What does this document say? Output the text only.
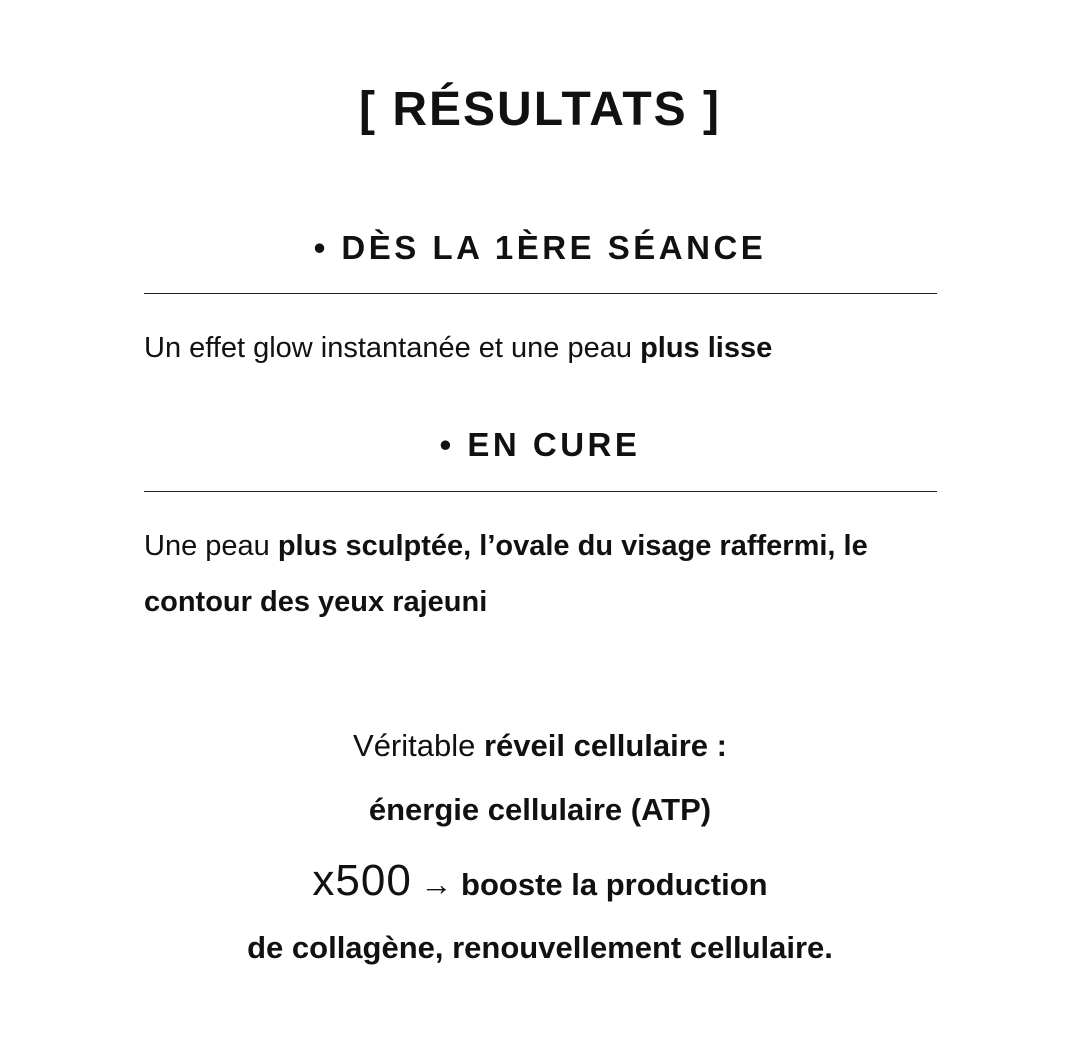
[ RÉSULTATS ]
• DÈS LA 1ÈRE SÉANCE

Un effet glow instantanée et une peau plus lisse

• EN CURE

Une peau plus sculptée, l’ovale du visage raffermi, le contour des yeux rajeuni

Véritable réveil cellulaire :

énergie cellulaire (ATP)

x500 → booste la production

de collagène, renouvellement cellulaire.
